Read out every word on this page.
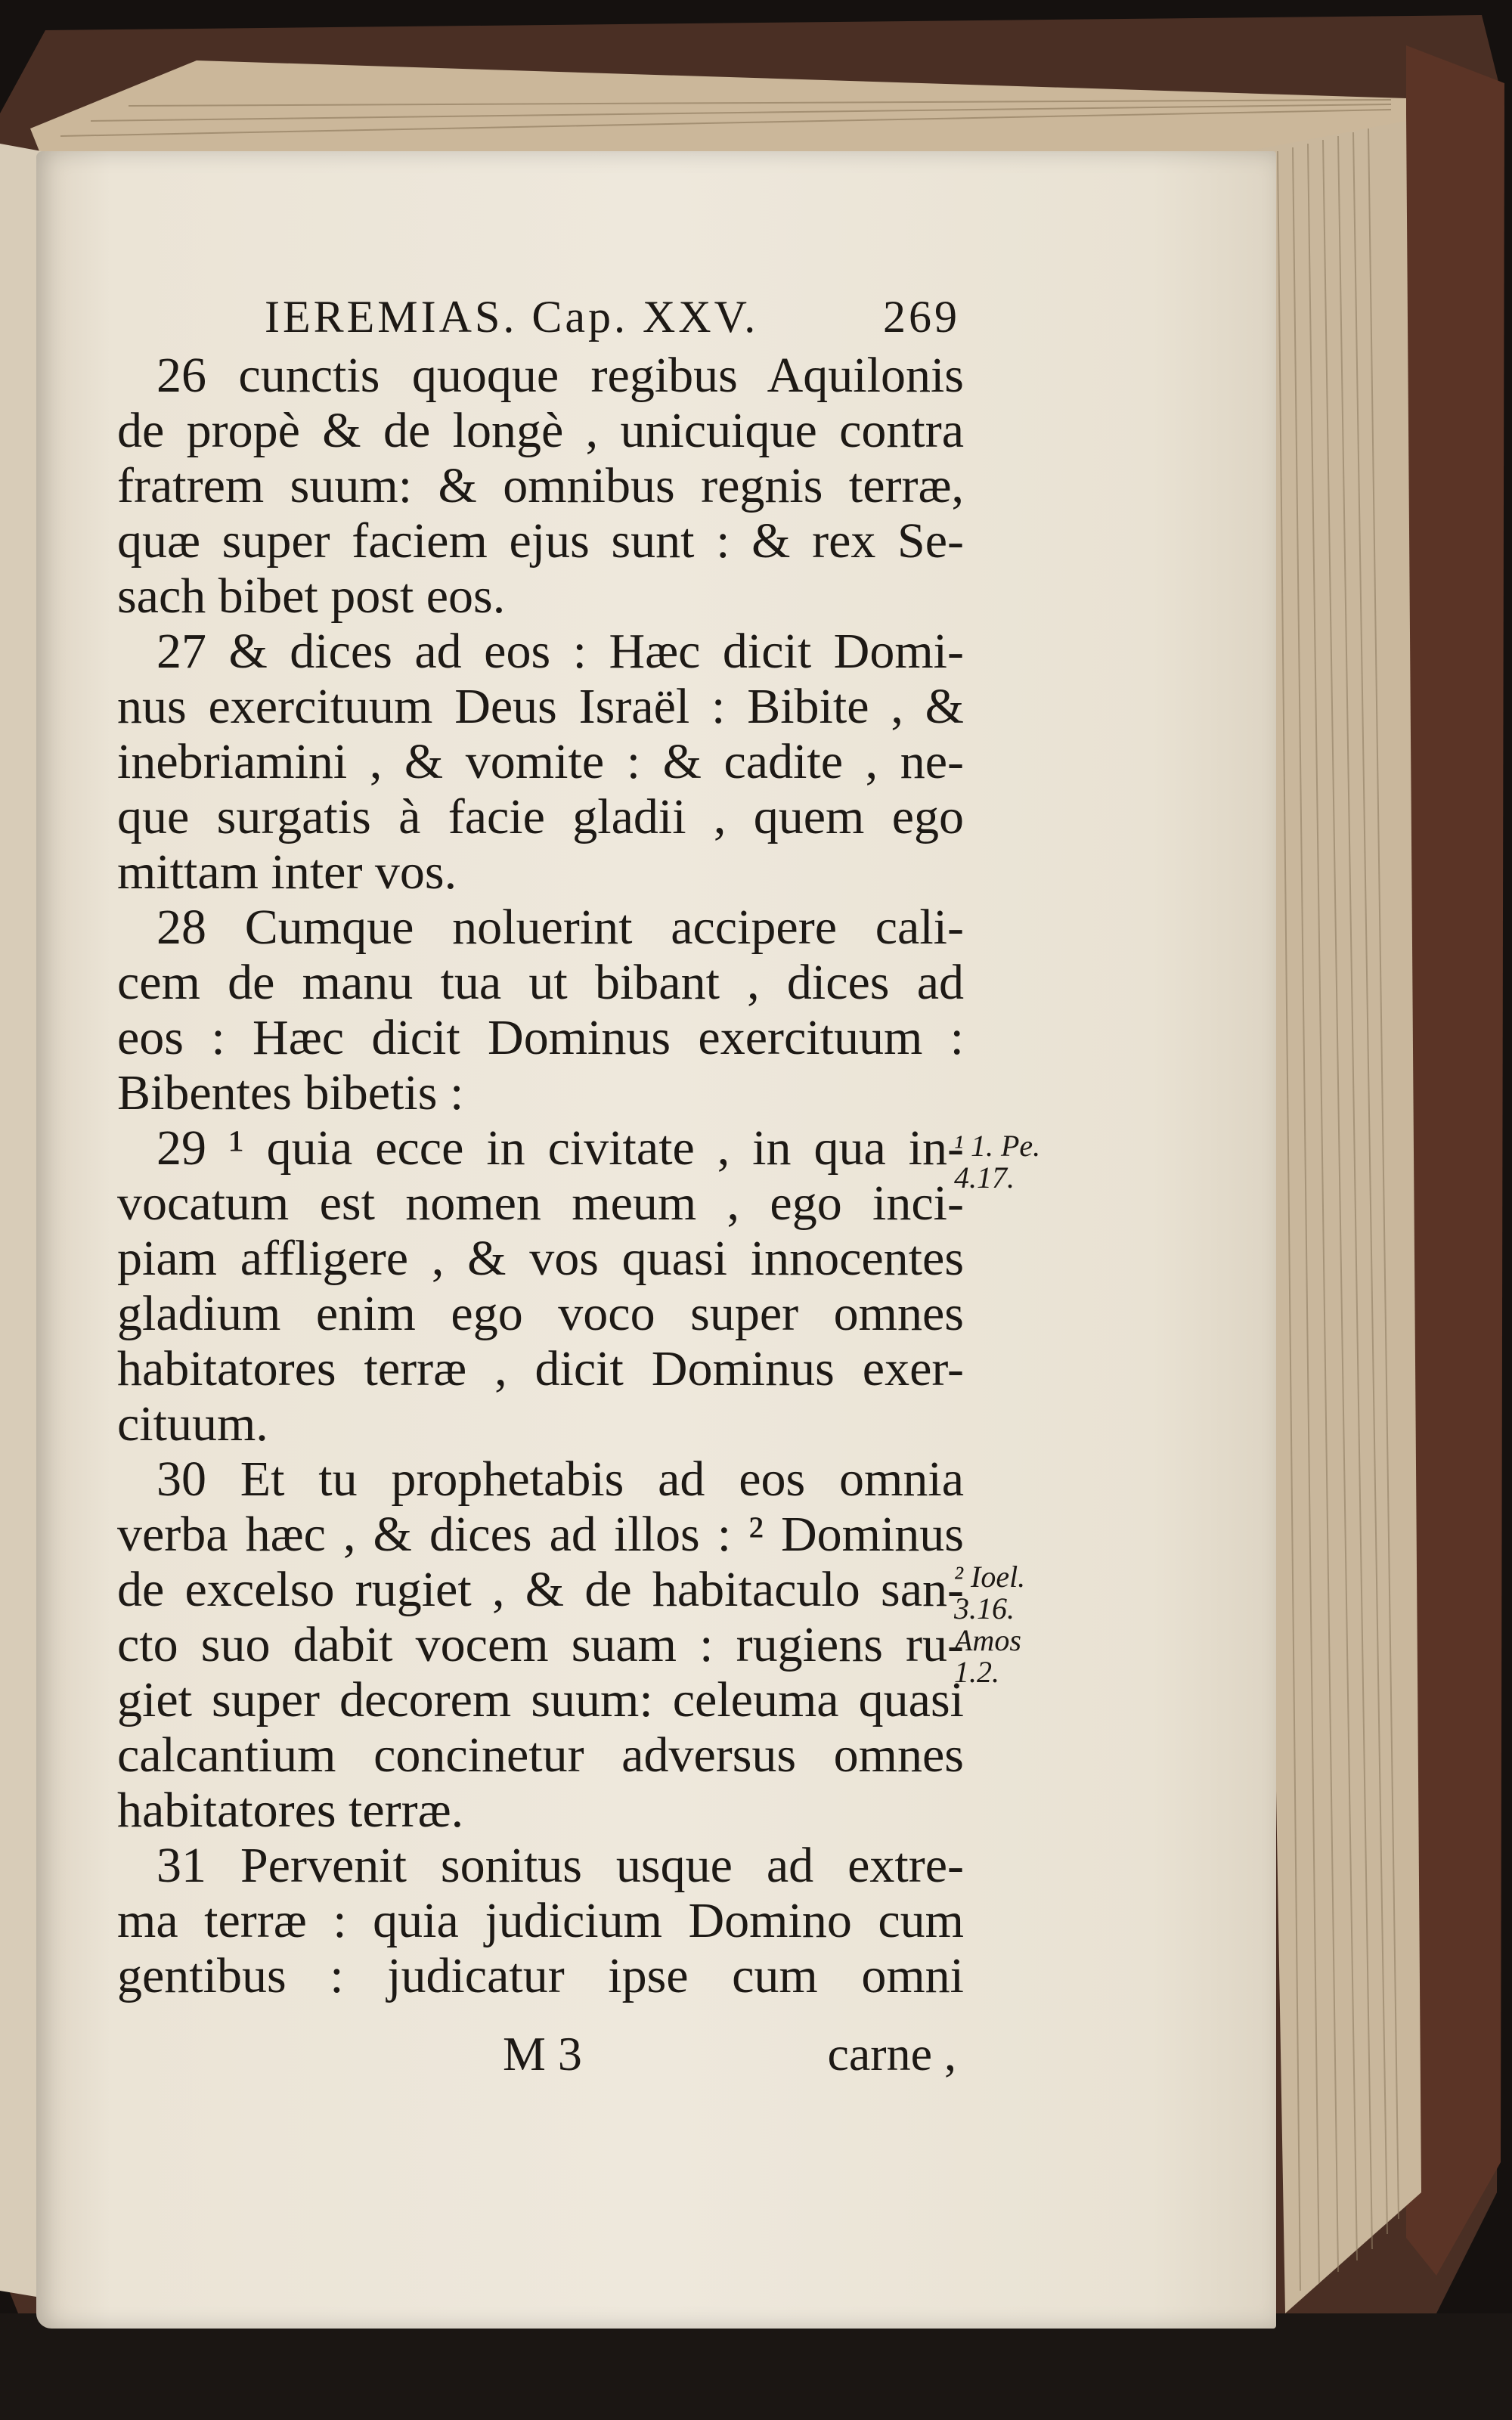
IEREMIAS. Cap. XXV.	269
26 cunctis quoque regibus Aquilonis
de propè & de longè , unicuique contra
fratrem suum: & omnibus regnis terræ,
quæ super faciem ejus sunt : & rex Se-
sach bibet post eos.
27 & dices ad eos : Hæc dicit Domi-
nus exercituum Deus Israël : Bibite , &
inebriamini , & vomite : & cadite , ne-
que surgatis à facie gladii , quem ego
mittam inter vos.
28 Cumque noluerint accipere cali-
cem de manu tua ut bibant , dices ad
eos : Hæc dicit Dominus exercituum :
Bibentes bibetis :
29 ¹ quia ecce in civitate , in qua in-
vocatum est nomen meum , ego inci-
piam affligere , & vos quasi innocentes
gladium enim ego voco super omnes
habitatores terræ , dicit Dominus exer-
cituum.
30 Et tu prophetabis ad eos omnia
verba hæc , & dices ad illos : ² Dominus
de excelso rugiet , & de habitaculo san-
cto suo dabit vocem suam : rugiens ru-
giet super decorem suum: celeuma quasi
calcantium concinetur adversus omnes
habitatores terræ.
31 Pervenit sonitus usque ad extre-
ma terræ : quia judicium Domino cum
gentibus : judicatur ipse cum omni
M 3	carne ,
¹ 1. Pe.
4.17.
² Ioel.
3.16.
Amos
1.2.
